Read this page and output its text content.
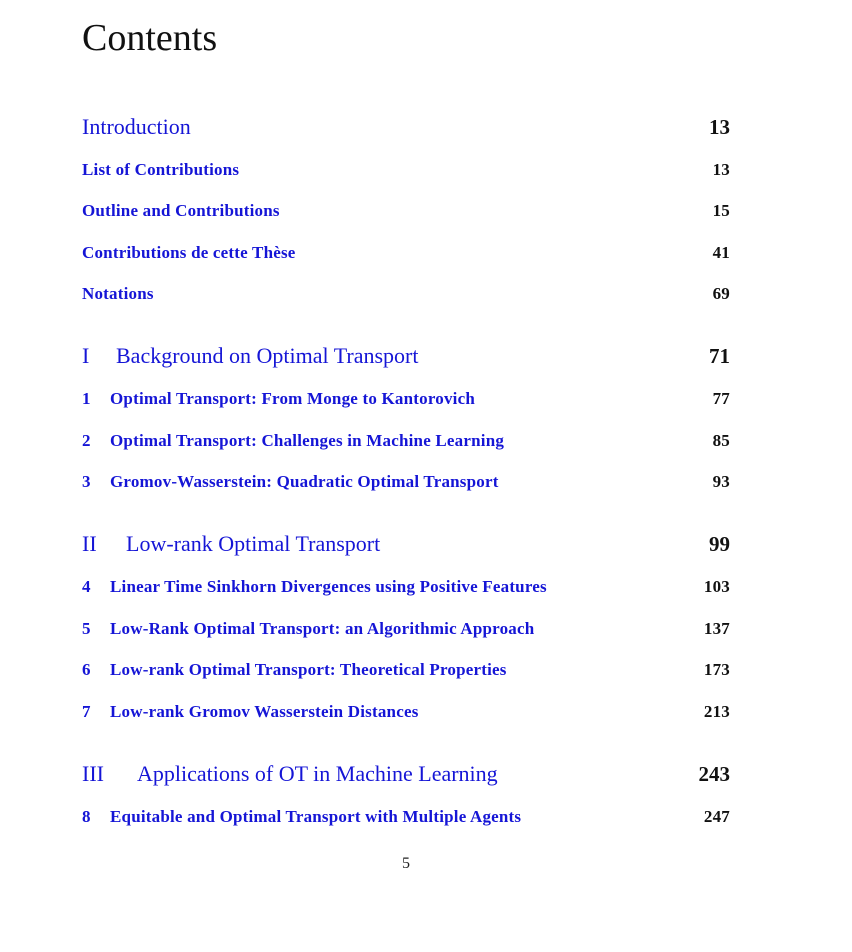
Contents
Introduction	13
List of Contributions	13
Outline and Contributions	15
Contributions de cette Thèse	41
Notations	69
I Background on Optimal Transport	71
1 Optimal Transport: From Monge to Kantorovich	77
2 Optimal Transport: Challenges in Machine Learning	85
3 Gromov-Wasserstein: Quadratic Optimal Transport	93
II Low-rank Optimal Transport	99
4 Linear Time Sinkhorn Divergences using Positive Features	103
5 Low-Rank Optimal Transport: an Algorithmic Approach	137
6 Low-rank Optimal Transport: Theoretical Properties	173
7 Low-rank Gromov Wasserstein Distances	213
III Applications of OT in Machine Learning	243
8 Equitable and Optimal Transport with Multiple Agents	247
5
